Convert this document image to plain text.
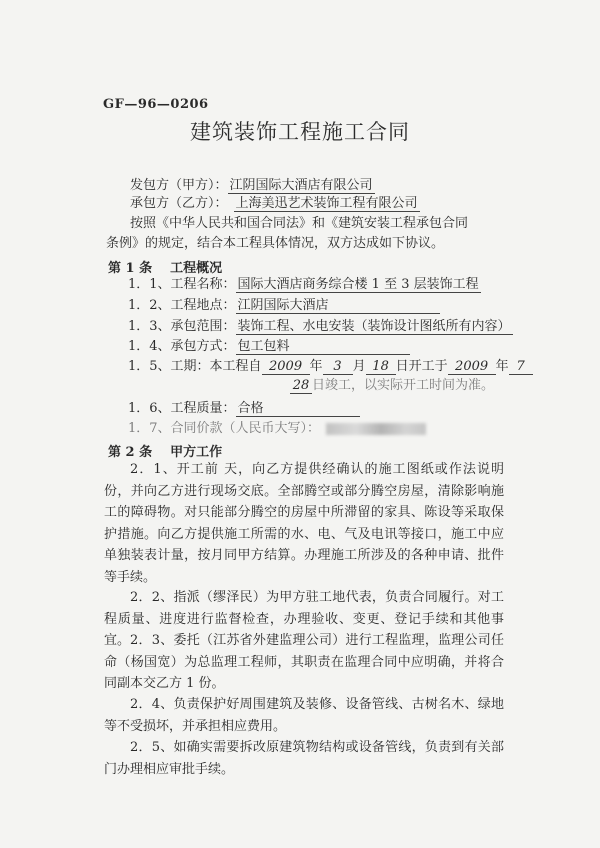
GF—96—0206
建筑装饰工程施工合同
发包方（甲方）： 江阴国际大酒店有限公司
承包方（乙方）： 上海美迅艺术装饰工程有限公司
按照《中华人民共和国合同法》和《建筑安装工程承包合同
条例》的规定，结合本工程具体情况，双方达成如下协议。
第 1 条 工程概况
1．1、工程名称： 国际大酒店商务综合楼 1 至 3 层装饰工程
1．2、工程地点： 江阴国际大酒店
1．3、承包范围： 装饰工程、水电安装（装饰设计图纸所有内容）
1．4、承包方式： 包工包料
1．5、工期：本工程自 2009 年 3 月 18 日开工于 2009 年 7
28 日竣工，以实际开工时间为准。
1．6、工程质量： 合格
1．7、合同价款（人民币大写）：
第 2 条 甲方工作
2．1、开工前 天，向乙方提供经确认的施工图纸或作法说明 份，并向乙方进行现场交底。全部腾空或部分腾空房屋，清除影响施工的障碍物。对只能部分腾空的房屋中所滞留的家具、陈设等采取保护措施。向乙方提供施工所需的水、电、气及电讯等接口，施工中应单独装表计量，按月同甲方结算。办理施工所涉及的各种申请、批件等手续。
2．2、指派（缪泽民）为甲方驻工地代表，负责合同履行。对工程质量、进度进行监督检查，办理验收、变更、登记手续和其他事宜。 2．3、委托（江苏省外建监理公司）进行工程监理，监理公司任命（杨国宽）为总监理工程师，其职责在监理合同中应明确，并将合同副本交乙方 1 份。
2．4、负责保护好周围建筑及装修、设备管线、古树名木、绿地等不受损坏，并承担相应费用。
2．5、如确实需要拆改原建筑物结构或设备管线，负责到有关部门办理相应审批手续。
